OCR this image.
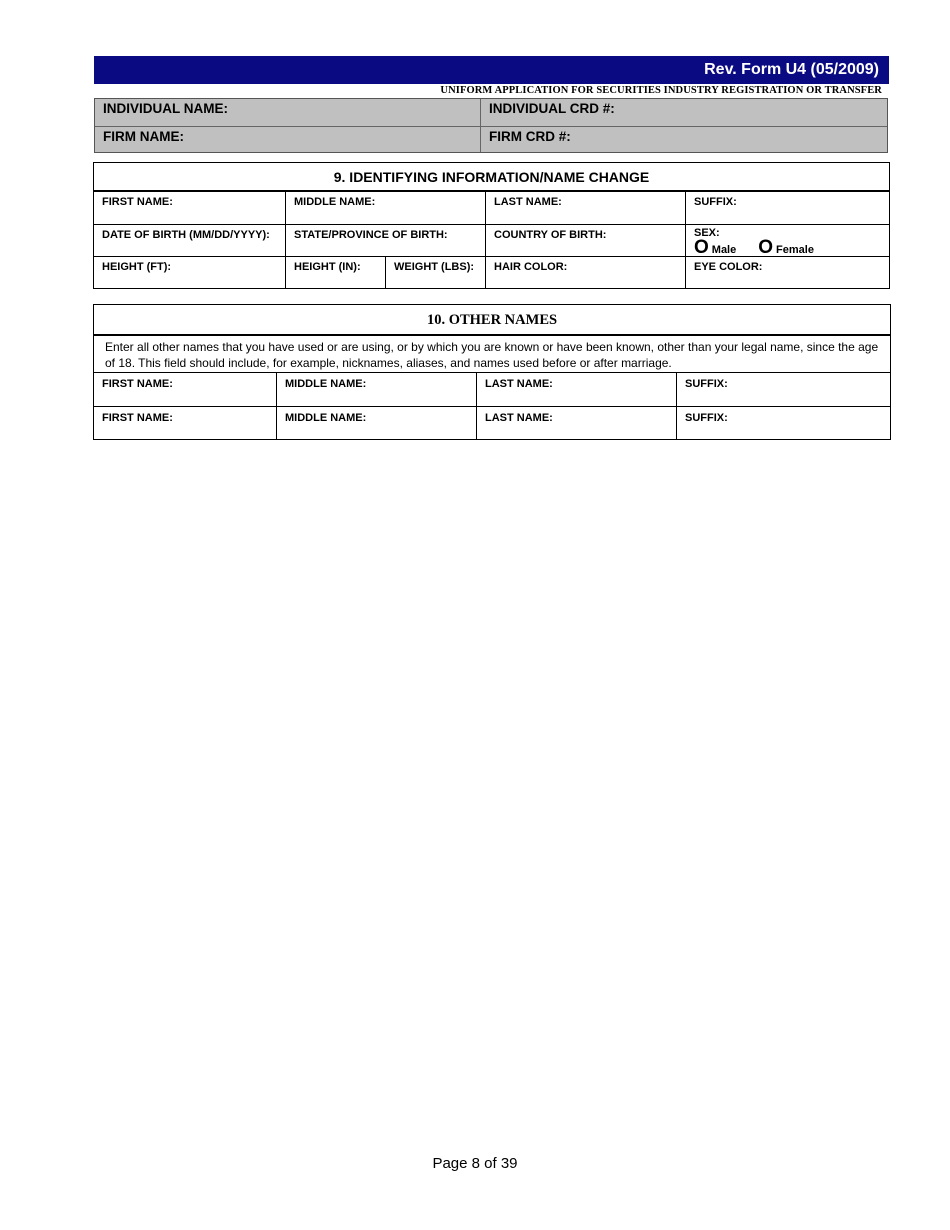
Rev. Form U4 (05/2009)
UNIFORM APPLICATION FOR SECURITIES INDUSTRY REGISTRATION OR TRANSFER
INDIVIDUAL NAME:	INDIVIDUAL CRD #:
FIRM NAME:	FIRM CRD #:
9. IDENTIFYING INFORMATION/NAME CHANGE
FIRST NAME:	MIDDLE NAME:	LAST NAME:	SUFFIX:
DATE OF BIRTH (MM/DD/YYYY):	STATE/PROVINCE OF BIRTH:	COUNTRY OF BIRTH:	SEX:
O Male O Female
HEIGHT (FT):	HEIGHT (IN):	WEIGHT (LBS):	HAIR COLOR:	EYE COLOR:
10. OTHER NAMES
Enter all other names that you have used or are using, or by which you are known or have been known, other than your legal name, since the age of 18. This field should include, for example, nicknames, aliases, and names used before or after marriage.
FIRST NAME:	MIDDLE NAME:	LAST NAME:	SUFFIX:
FIRST NAME:	MIDDLE NAME:	LAST NAME:	SUFFIX:
Page 8 of 39
